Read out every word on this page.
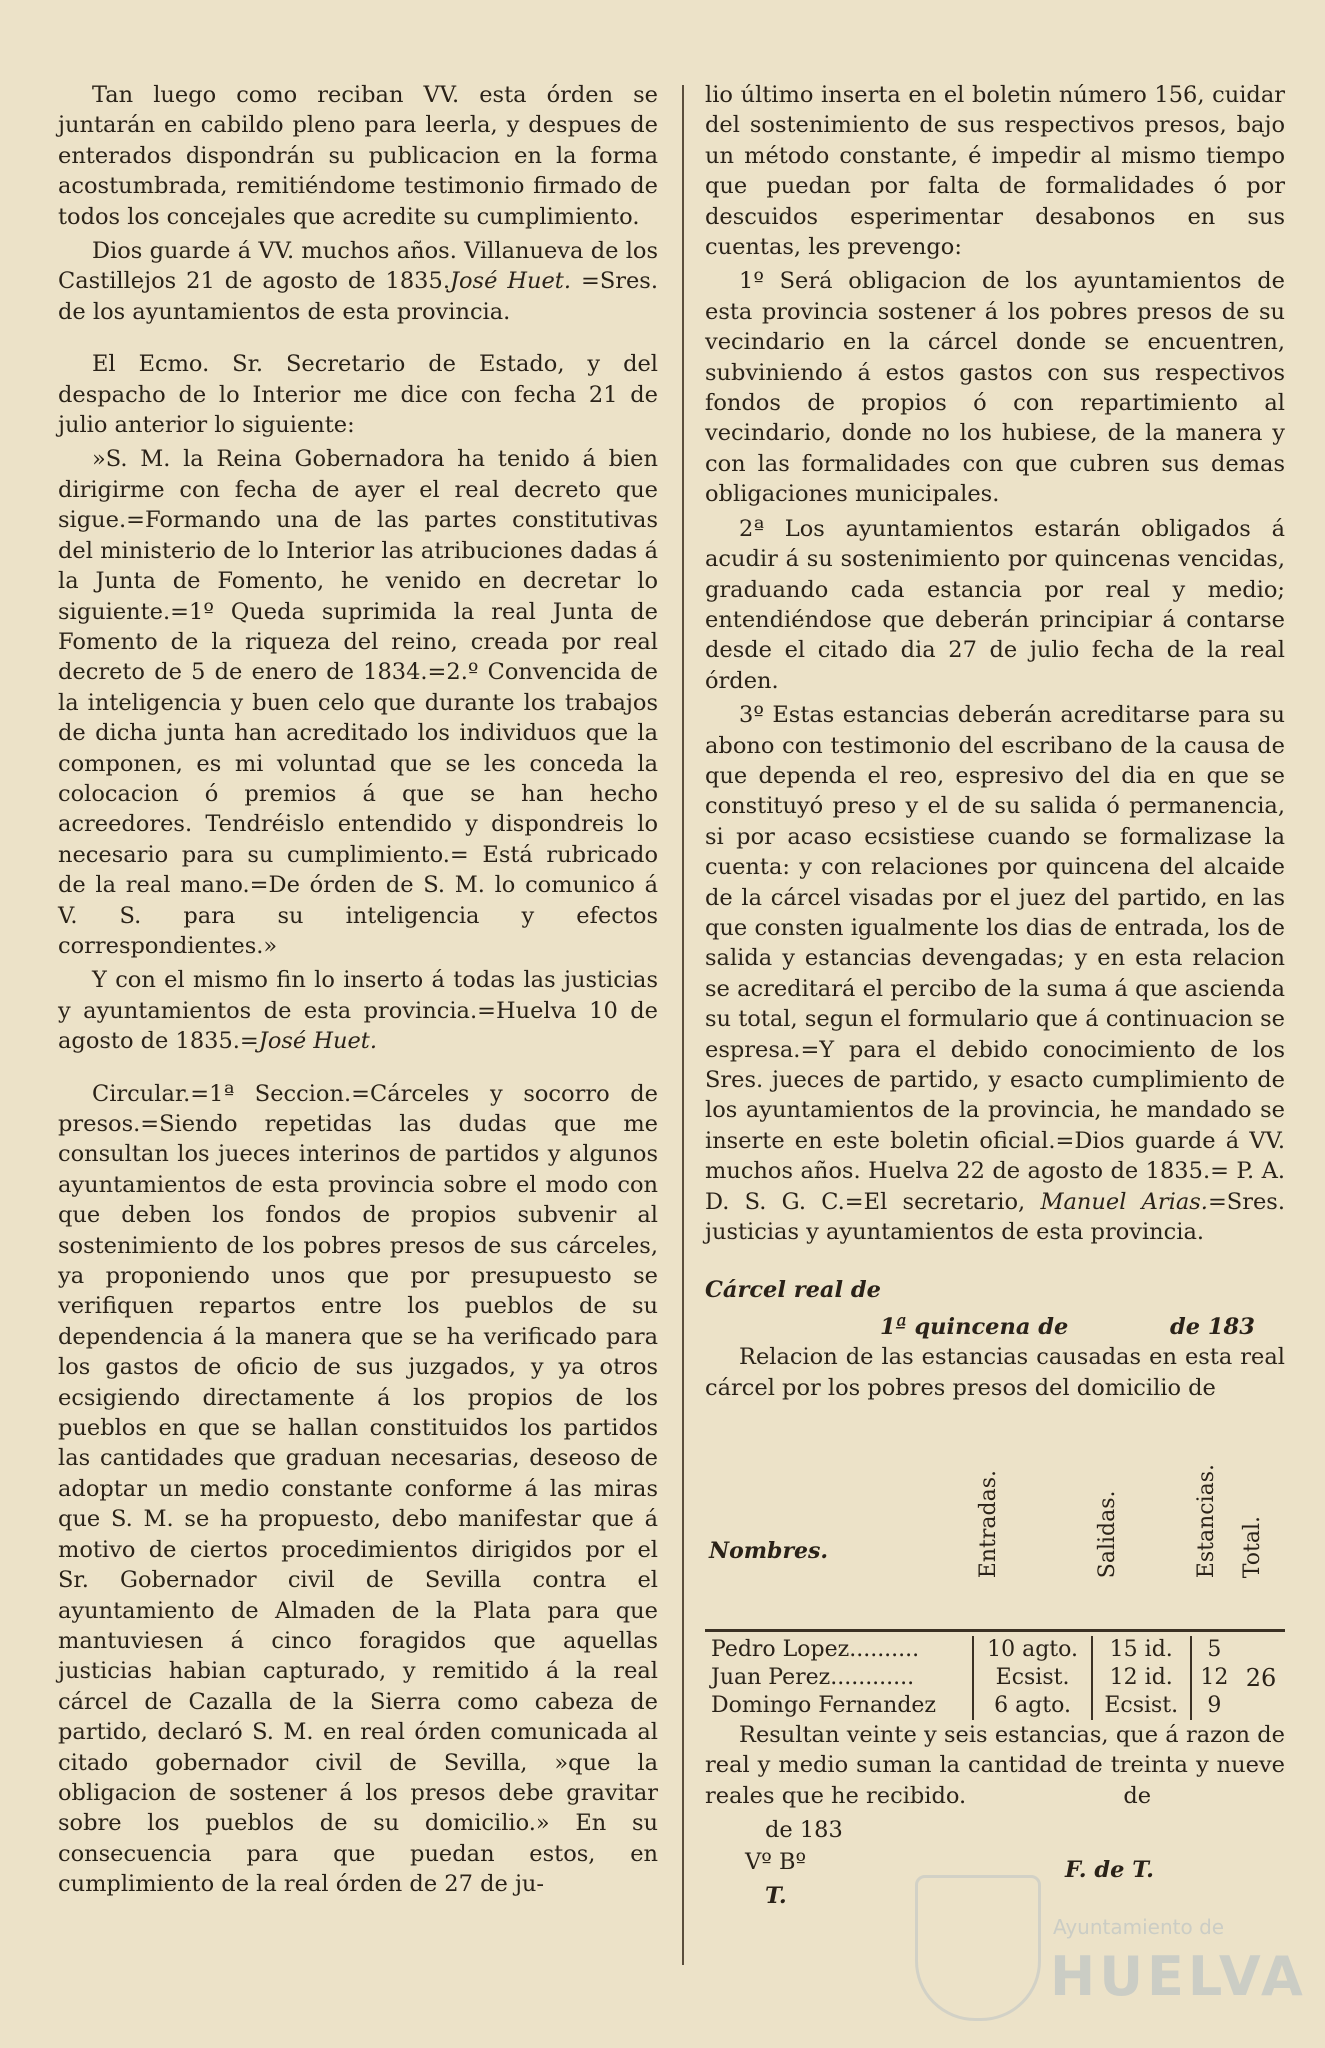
Tan luego como reciban VV. esta órden se juntarán en cabildo pleno para leerla, y despues de enterados dispondrán su publicacion en la forma acostumbrada, remitiéndome testimonio firmado de todos los concejales que acredite su cumplimiento.

Dios guarde á VV. muchos años. Villanueva de los Castillejos 21 de agosto de 1835.José Huet. =Sres. de los ayuntamientos de esta provincia.

El Ecmo. Sr. Secretario de Estado, y del despacho de lo Interior me dice con fecha 21 de julio anterior lo siguiente:

»S. M. la Reina Gobernadora ha tenido á bien dirigirme con fecha de ayer el real decreto que sigue.=Formando una de las partes constitutivas del ministerio de lo Interior las atribuciones dadas á la Junta de Fomento, he venido en decretar lo siguiente.=1º Queda suprimida la real Junta de Fomento de la riqueza del reino, creada por real decreto de 5 de enero de 1834.=2.º Convencida de la inteligencia y buen celo que durante los trabajos de dicha junta han acreditado los individuos que la componen, es mi voluntad que se les conceda la colocacion ó premios á que se han hecho acreedores. Tendréislo entendido y dispondreis lo necesario para su cumplimiento.= Está rubricado de la real mano.=De órden de S. M. lo comunico á V. S. para su inteligencia y efectos correspondientes.»

Y con el mismo fin lo inserto á todas las justicias y ayuntamientos de esta provincia.=Huelva 10 de agosto de 1835.=José Huet.

Circular.=1ª Seccion.=Cárceles y socorro de presos.=Siendo repetidas las dudas que me consultan los jueces interinos de partidos y algunos ayuntamientos de esta provincia sobre el modo con que deben los fondos de propios subvenir al sostenimiento de los pobres presos de sus cárceles, ya proponiendo unos que por presupuesto se verifiquen repartos entre los pueblos de su dependencia á la manera que se ha verificado para los gastos de oficio de sus juzgados, y ya otros ecsigiendo directamente á los propios de los pueblos en que se hallan constituidos los partidos las cantidades que graduan necesarias, deseoso de adoptar un medio constante conforme á las miras que S. M. se ha propuesto, debo manifestar que á motivo de ciertos procedimientos dirigidos por el Sr. Gobernador civil de Sevilla contra el ayuntamiento de Almaden de la Plata para que mantuviesen á cinco foragidos que aquellas justicias habian capturado, y remitido á la real cárcel de Cazalla de la Sierra como cabeza de partido, declaró S. M. en real órden comunicada al citado gobernador civil de Sevilla, »que la obligacion de sostener á los presos debe gravitar sobre los pueblos de su domicilio.» En su consecuencia para que puedan estos, en cumplimiento de la real órden de 27 de ju-

lio último inserta en el boletin número 156, cuidar del sostenimiento de sus respectivos presos, bajo un método constante, é impedir al mismo tiempo que puedan por falta de formalidades ó por descuidos esperimentar desabonos en sus cuentas, les prevengo:

1º Será obligacion de los ayuntamientos de esta provincia sostener á los pobres presos de su vecindario en la cárcel donde se encuentren, subviniendo á estos gastos con sus respectivos fondos de propios ó con repartimiento al vecindario, donde no los hubiese, de la manera y con las formalidades con que cubren sus demas obligaciones municipales.

2ª Los ayuntamientos estarán obligados á acudir á su sostenimiento por quincenas vencidas, graduando cada estancia por real y medio; entendiéndose que deberán principiar á contarse desde el citado dia 27 de julio fecha de la real órden.

3º Estas estancias deberán acreditarse para su abono con testimonio del escribano de la causa de que dependa el reo, espresivo del dia en que se constituyó preso y el de su salida ó permanencia, si por acaso ecsistiese cuando se formalizase la cuenta: y con relaciones por quincena del alcaide de la cárcel visadas por el juez del partido, en las que consten igualmente los dias de entrada, los de salida y estancias devengadas; y en esta relacion se acreditará el percibo de la suma á que ascienda su total, segun el formulario que á continuacion se espresa.=Y para el debido conocimiento de los Sres. jueces de partido, y esacto cumplimiento de los ayuntamientos de la provincia, he mandado se inserte en este boletin oficial.=Dios guarde á VV. muchos años. Huelva 22 de agosto de 1835.= P. A. D. S. G. C.=El secretario, Manuel Arias.=Sres. justicias y ayuntamientos de esta provincia.

Cárcel real de
1ª quincena de	de 183

Relacion de las estancias causadas en esta real cárcel por los pobres presos del domicilio de

Nombres.	Entradas.	Salidas.	Estancias.	Total.

Pedro Lopez..........	10 agto.	15 id.	5	26
Juan Perez............	Ecsist.	12 id.	12	
Domingo Fernandez	6 agto.	Ecsist.	9	

Resultan veinte y seis estancias, que á razon de real y medio suman la cantidad de treinta y nueve reales que he recibido.	de

de 183
Vº Bº
T.
F. de T.
Ayuntamiento de
HUELVA
